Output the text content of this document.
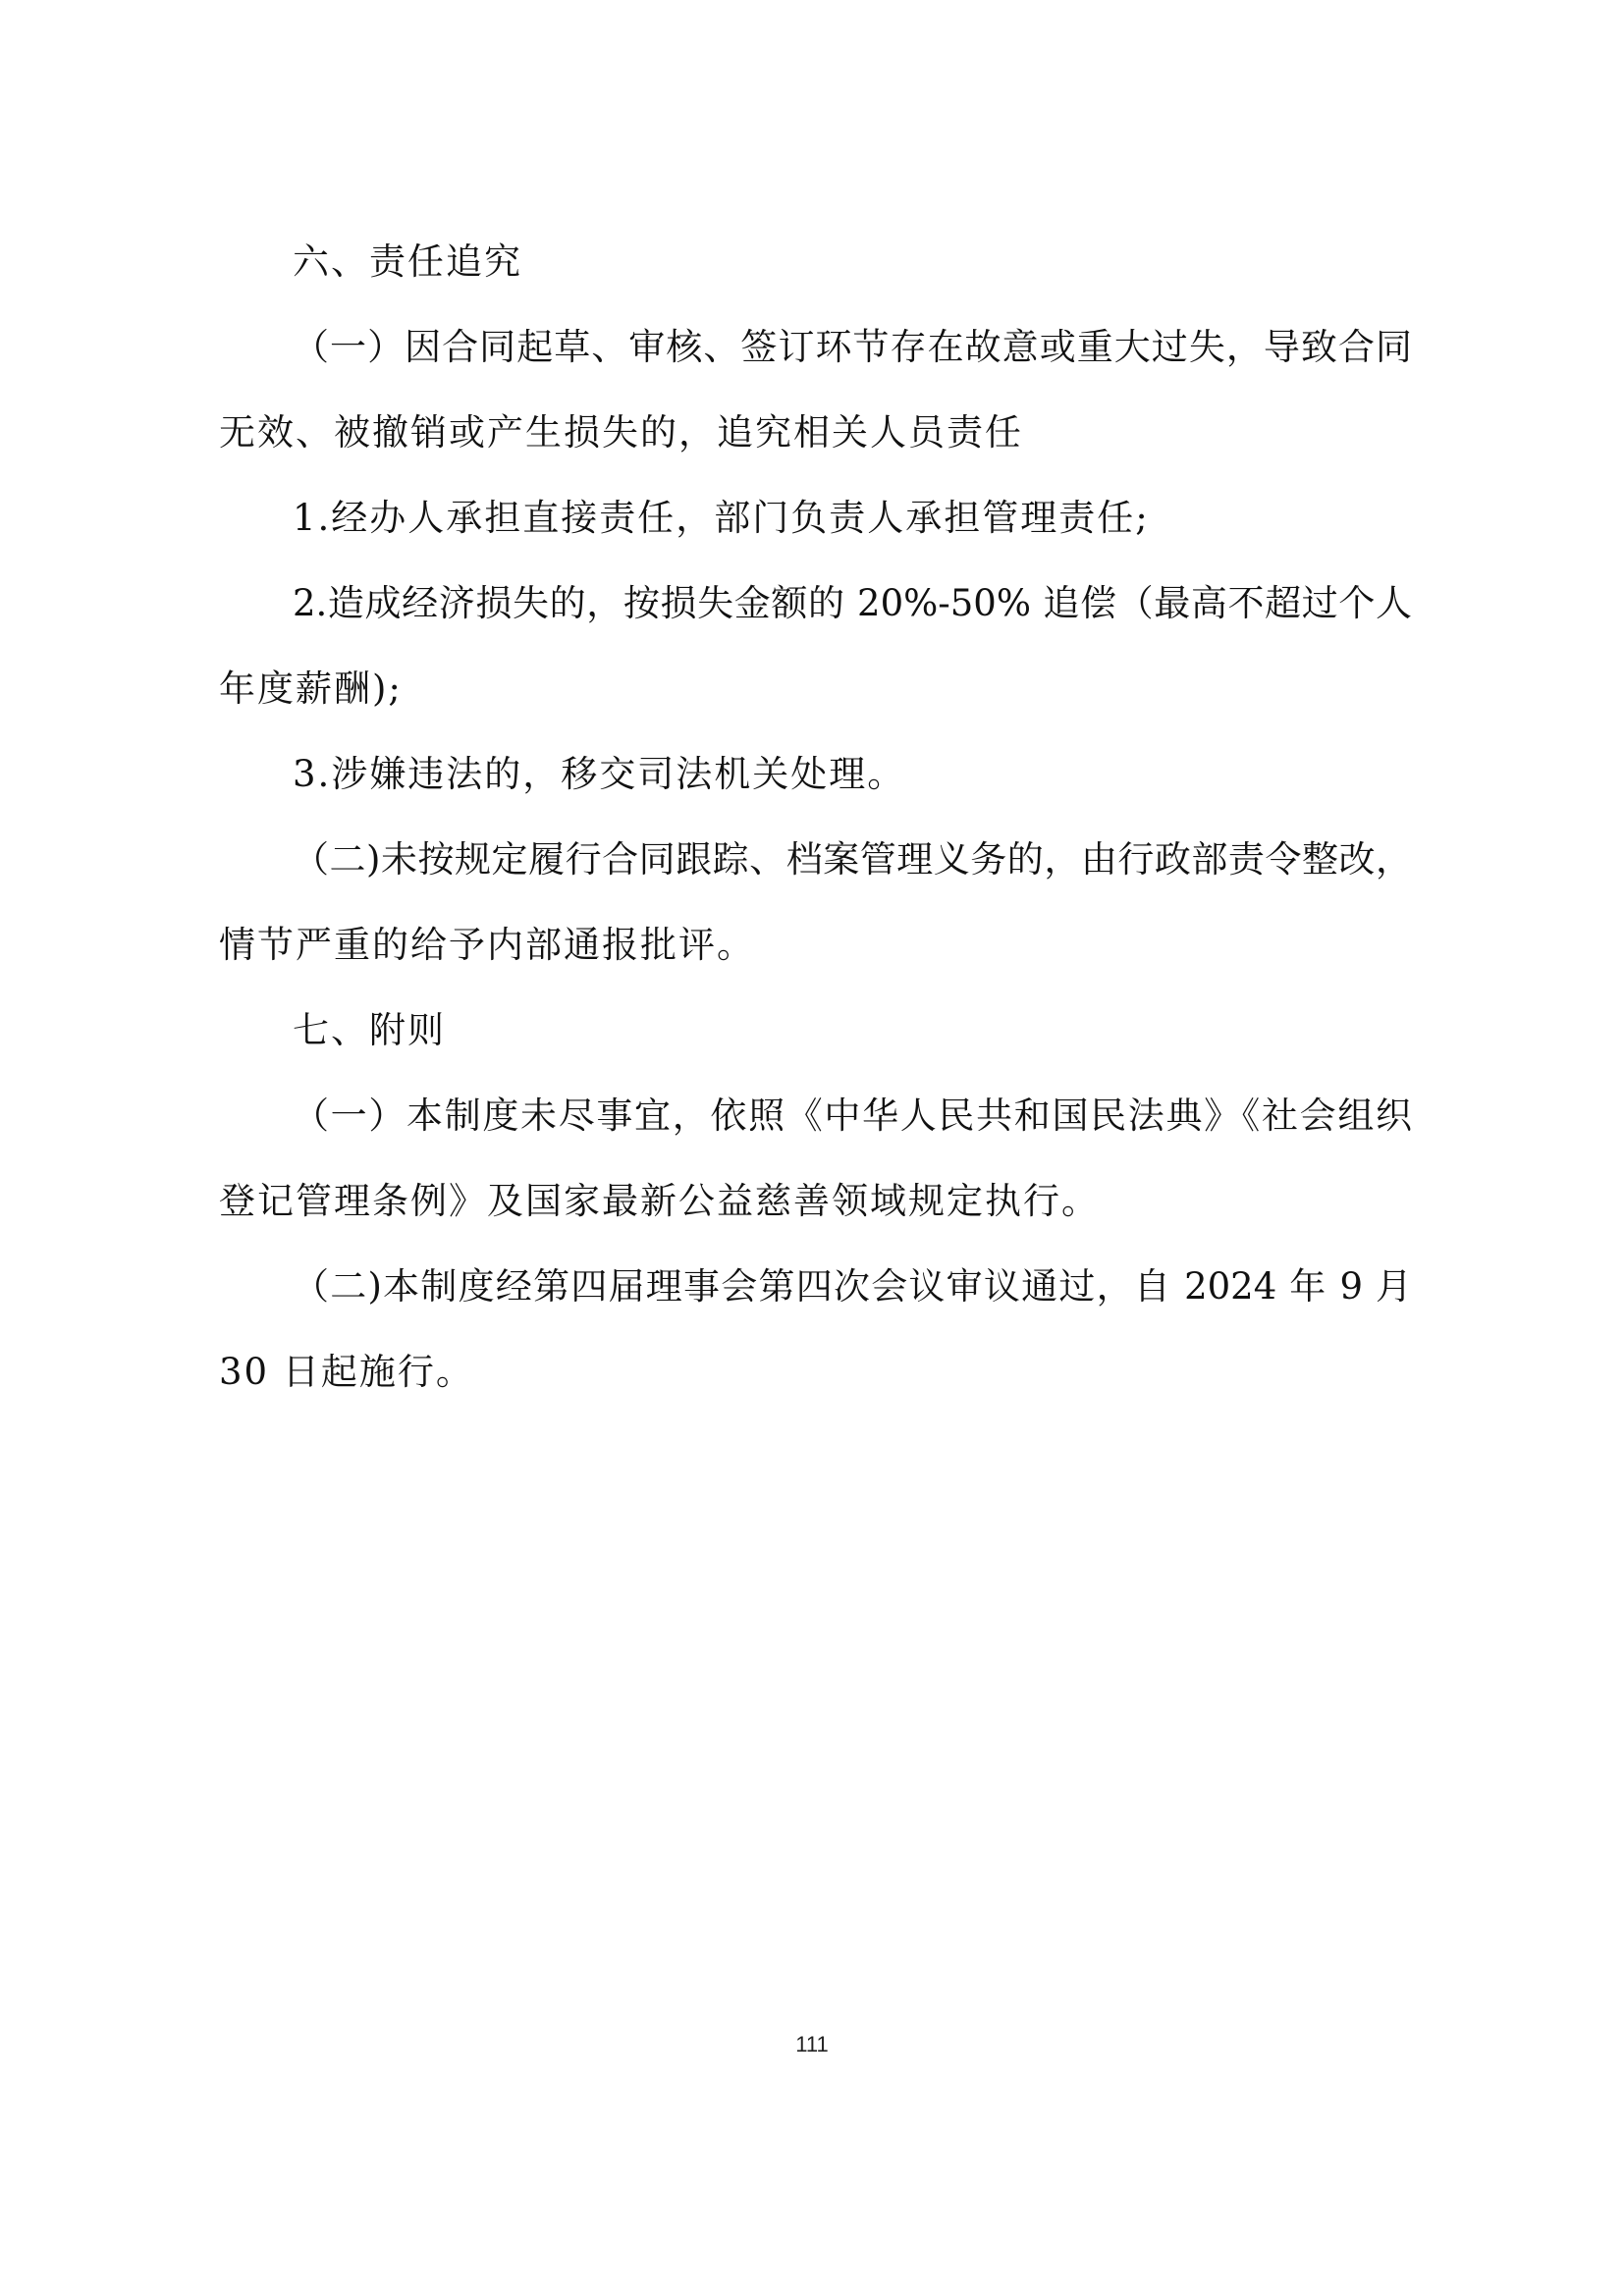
六、责任追究
（一）因合同起草、审核、签订环节存在故意或重大过失，导致合同
无效、被撤销或产生损失的，追究相关人员责任
1.经办人承担直接责任，部门负责人承担管理责任;
2.造成经济损失的，按损失金额的 20%-50% 追偿（最高不超过个人
年度薪酬);
3.涉嫌违法的，移交司法机关处理。
（二)未按规定履行合同跟踪、档案管理义务的，由行政部责令整改，
情节严重的给予内部通报批评。
七、附则
（一）本制度未尽事宜，依照《中华人民共和国民法典》《社会组织
登记管理条例》及国家最新公益慈善领域规定执行。
（二)本制度经第四届理事会第四次会议审议通过，自 2024 年 9 月
30 日起施行。
111
